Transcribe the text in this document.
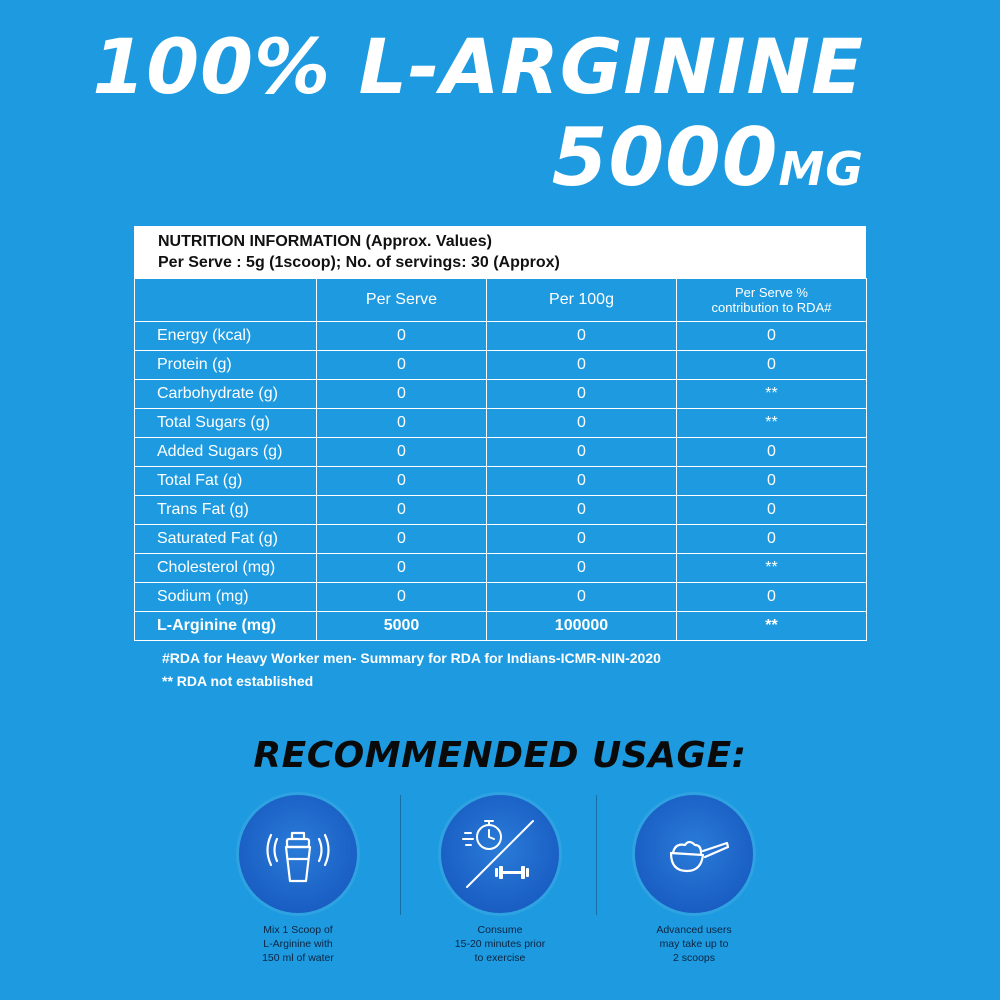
100% L-ARGININE
5000MG
NUTRITION INFORMATION (Approx. Values)
Per Serve : 5g (1scoop); No. of servings: 30 (Approx)
	Per Serve	Per 100g	Per Serve %
contribution to RDA#
Energy (kcal)	0	0	0
Protein (g)	0	0	0
Carbohydrate (g)	0	0	**
Total Sugars (g)	0	0	**
Added Sugars (g)	0	0	0
Total Fat (g)	0	0	0
Trans Fat (g)	0	0	0
Saturated Fat (g)	0	0	0
Cholesterol (mg)	0	0	**
Sodium (mg)	0	0	0
L-Arginine (mg)	5000	100000	**
#RDA for Heavy Worker men- Summary for RDA for Indians-ICMR-NIN-2020
** RDA not established
RECOMMENDED USAGE:
Mix 1 Scoop of
L-Arginine with
150 ml of water
Consume
15-20 minutes prior
to exercise
Advanced users
may take up to
2 scoops
